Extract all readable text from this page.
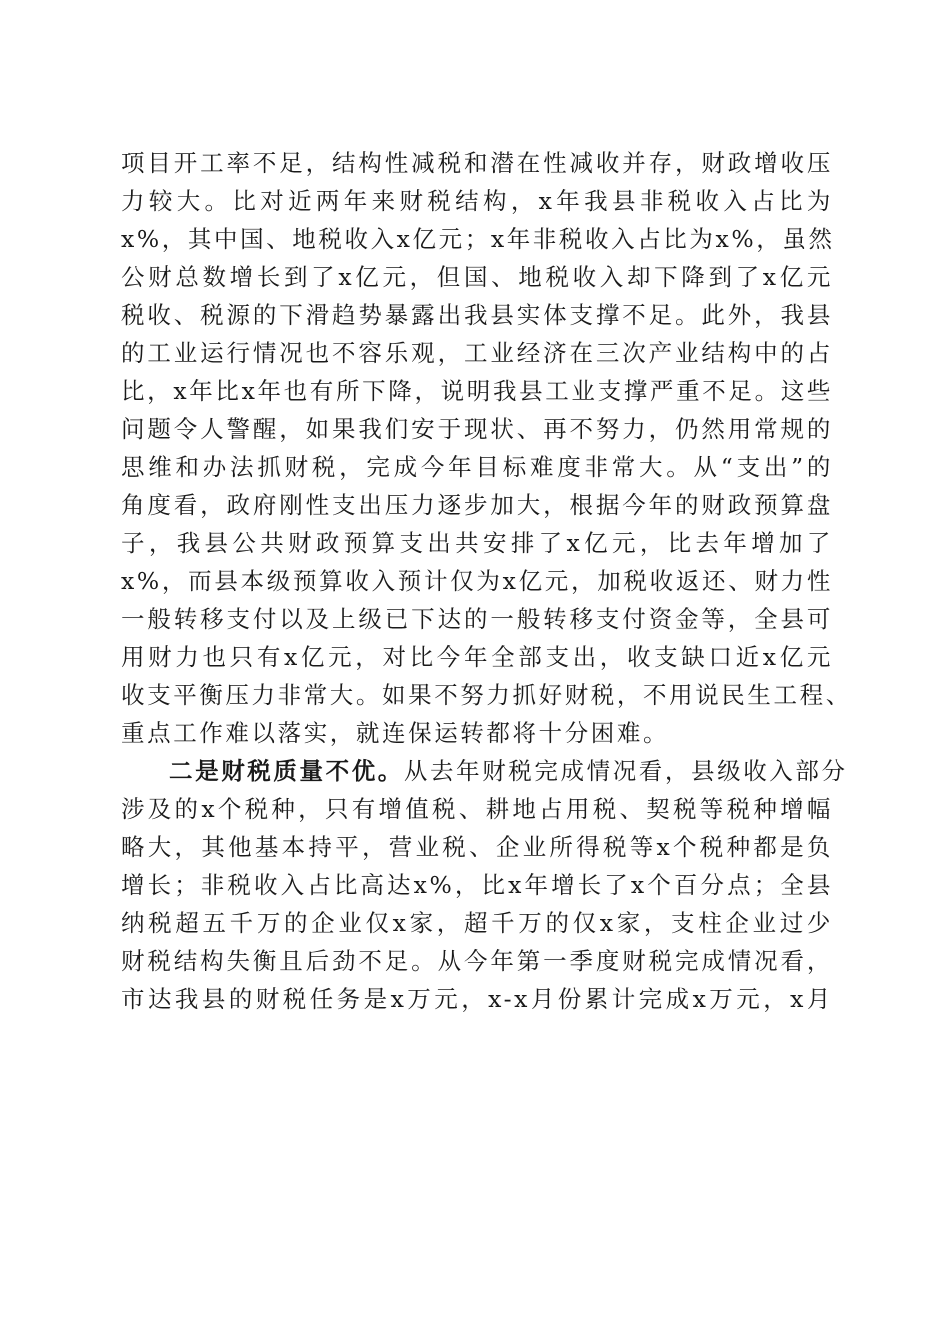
项目开工率不足，结构性减税和潜在性减收并存，财政增收压
力较大。比对近两年来财税结构，x年我县非税收入占比为
x%，其中国、地税收入x亿元；x年非税收入占比为x%，虽然
公财总数增长到了x亿元，但国、地税收入却下降到了x亿元
税收、税源的下滑趋势暴露出我县实体支撑不足。此外，我县
的工业运行情况也不容乐观，工业经济在三次产业结构中的占
比，x年比x年也有所下降，说明我县工业支撑严重不足。这些
问题令人警醒，如果我们安于现状、再不努力，仍然用常规的
思维和办法抓财税，完成今年目标难度非常大。从“支出”的
角度看，政府刚性支出压力逐步加大，根据今年的财政预算盘
子，我县公共财政预算支出共安排了x亿元，比去年增加了
x%，而县本级预算收入预计仅为x亿元，加税收返还、财力性
一般转移支付以及上级已下达的一般转移支付资金等，全县可
用财力也只有x亿元，对比今年全部支出，收支缺口近x亿元
收支平衡压力非常大。如果不努力抓好财税，不用说民生工程、
重点工作难以落实，就连保运转都将十分困难。
二是财税质量不优。从去年财税完成情况看，县级收入部分
涉及的x个税种，只有增值税、耕地占用税、契税等税种增幅
略大，其他基本持平，营业税、企业所得税等x个税种都是负
增长；非税收入占比高达x%，比x年增长了x个百分点；全县
纳税超五千万的企业仅x家，超千万的仅x家，支柱企业过少
财税结构失衡且后劲不足。从今年第一季度财税完成情况看，
市达我县的财税任务是x万元，x-x月份累计完成x万元，x月
